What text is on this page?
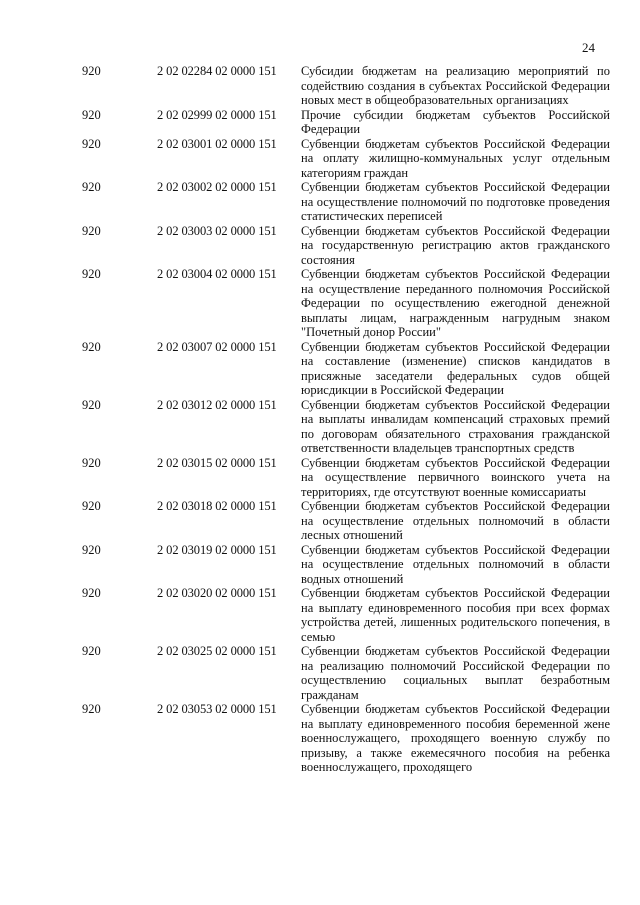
24
920	2 02 02284 02 0000 151 Субсидии бюджетам на реализацию мероприятий по содействию создания в субъектах Российской Федерации новых мест в общеобразовательных организациях
920	2 02 02999 02 0000 151 Прочие субсидии бюджетам субъектов Российской Федерации
920	2 02 03001 02 0000 151 Субвенции бюджетам субъектов Российской Федерации на оплату жилищно-коммунальных услуг отдельным категориям граждан
920	2 02 03002 02 0000 151 Субвенции бюджетам субъектов Российской Федерации на осуществление полномочий по подготовке проведения статистических переписей
920	2 02 03003 02 0000 151 Субвенции бюджетам субъектов Российской Федерации на государственную регистрацию актов гражданского состояния
920	2 02 03004 02 0000 151 Субвенции бюджетам субъектов Российской Федерации на осуществление переданного полномочия Российской Федерации по осуществлению ежегодной денежной выплаты лицам, награжденным нагрудным знаком "Почетный донор России"
920	2 02 03007 02 0000 151 Субвенции бюджетам субъектов Российской Федерации на составление (изменение) списков кандидатов в присяжные заседатели федеральных судов общей юрисдикции в Российской Федерации
920	2 02 03012 02 0000 151 Субвенции бюджетам субъектов Российской Федерации на выплаты инвалидам компенсаций страховых премий по договорам обязательного страхования гражданской ответственности владельцев транспортных средств
920	2 02 03015 02 0000 151 Субвенции бюджетам субъектов Российской Федерации на осуществление первичного воинского учета на территориях, где отсутствуют военные комиссариаты
920	2 02 03018 02 0000 151 Субвенции бюджетам субъектов Российской Федерации на осуществление отдельных полномочий в области лесных отношений
920	2 02 03019 02 0000 151 Субвенции бюджетам субъектов Российской Федерации на осуществление отдельных полномочий в области водных отношений
920	2 02 03020 02 0000 151 Субвенции бюджетам субъектов Российской Федерации на выплату единовременного пособия при всех формах устройства детей, лишенных родительского попечения, в семью
920	2 02 03025 02 0000 151 Субвенции бюджетам субъектов Российской Федерации на реализацию полномочий Российской Федерации по осуществлению социальных выплат безработным гражданам
920	2 02 03053 02 0000 151 Субвенции бюджетам субъектов Российской Федерации на выплату единовременного пособия беременной жене военнослужащего, проходящего военную службу по призыву, а также ежемесячного пособия на ребенка военнослужащего, проходящего
